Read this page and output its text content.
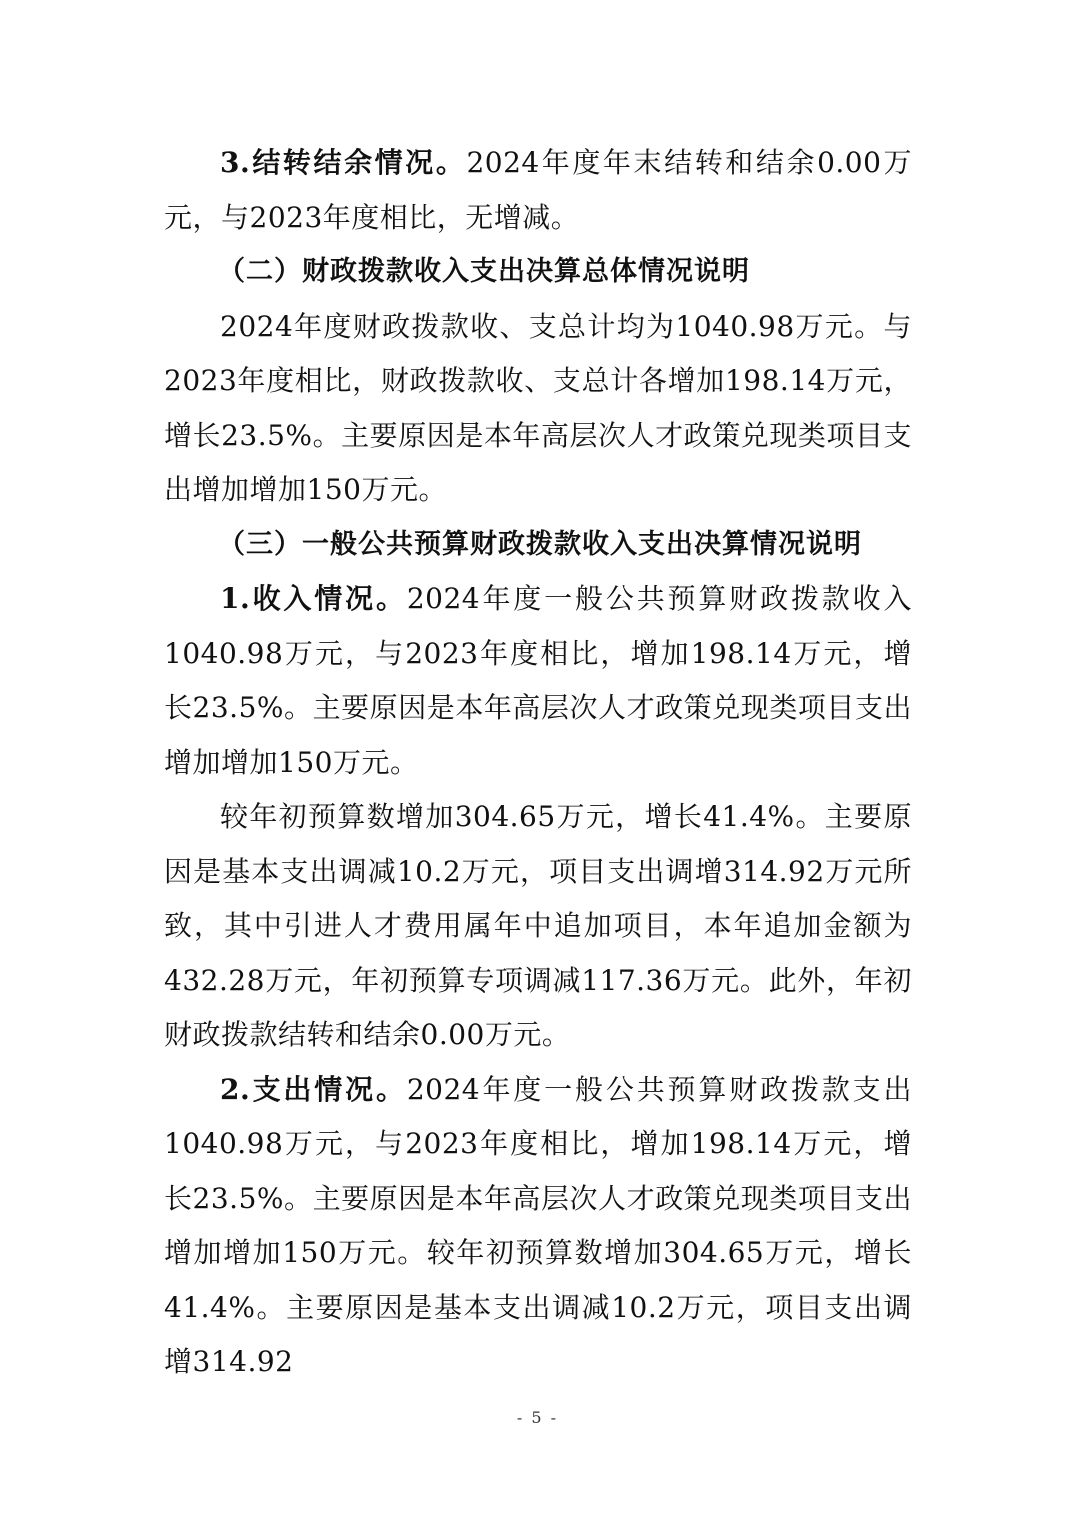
3.结转结余情况。2024年度年末结转和结余0.00万元，与2023年度相比，无增减。

（二）财政拨款收入支出决算总体情况说明

2024年度财政拨款收、支总计均为1040.98万元。与2023年度相比，财政拨款收、支总计各增加198.14万元，增长23.5%。主要原因是本年高层次人才政策兑现类项目支出增加增加150万元。

（三）一般公共预算财政拨款收入支出决算情况说明

1.收入情况。2024年度一般公共预算财政拨款收入1040.98万元，与2023年度相比，增加198.14万元，增长23.5%。主要原因是本年高层次人才政策兑现类项目支出增加增加150万元。

较年初预算数增加304.65万元，增长41.4%。主要原因是基本支出调减10.2万元，项目支出调增314.92万元所致，其中引进人才费用属年中追加项目，本年追加金额为432.28万元，年初预算专项调减117.36万元。此外，年初财政拨款结转和结余0.00万元。

2.支出情况。2024年度一般公共预算财政拨款支出1040.98万元，与2023年度相比，增加198.14万元，增长23.5%。主要原因是本年高层次人才政策兑现类项目支出增加增加150万元。较年初预算数增加304.65万元，增长41.4%。主要原因是基本支出调减10.2万元，项目支出调增314.92

- 5 -
